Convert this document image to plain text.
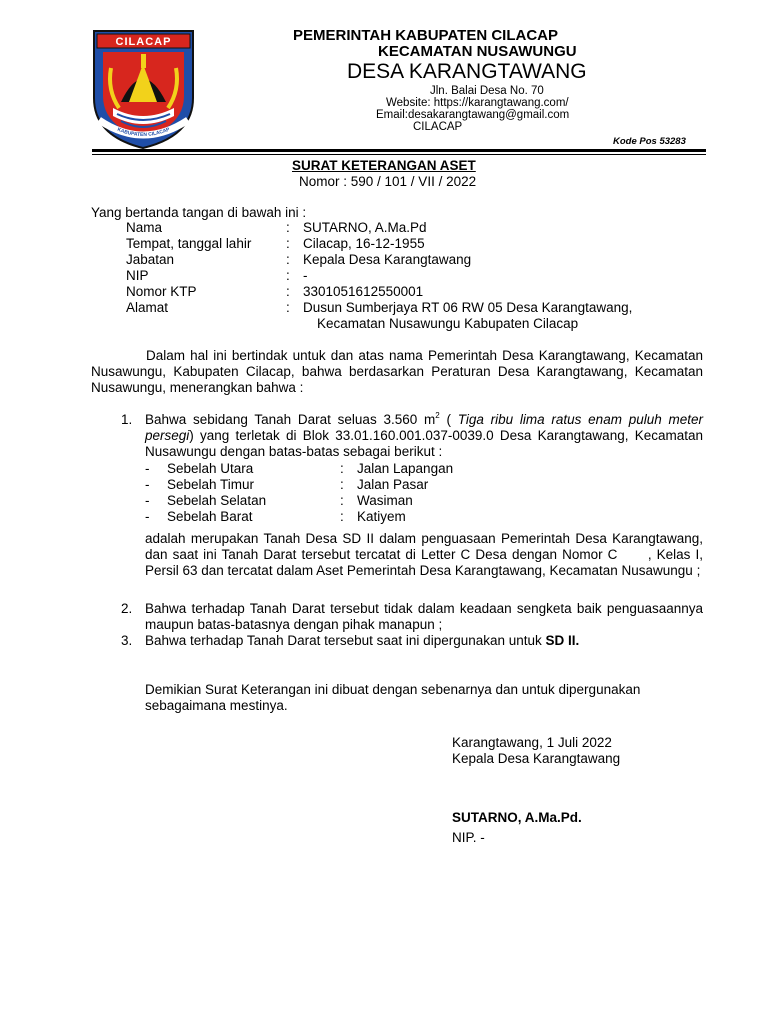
CILACAP
KABUPATEN CILACAP
PEMERINTAH KABUPATEN CILACAP
KECAMATAN NUSAWUNGU
DESA KARANGTAWANG
Jln. Balai Desa No. 70
Website: https://karangtawang.com/
Email:desakarangtawang@gmail.com
CILACAP
Kode Pos 53283
SURAT KETERANGAN ASET
Nomor : 590 / 101 / VII / 2022
Yang bertanda tangan di bawah ini :
Nama	: SUTARNO, A.Ma.Pd
Tempat, tanggal lahir	: Cilacap, 16-12-1955
Jabatan	: Kepala Desa Karangtawang
NIP	: -
Nomor KTP	: 3301051612550001
Alamat	: Dusun Sumberjaya RT 06 RW 05 Desa Karangtawang,
Kecamatan Nusawungu Kabupaten Cilacap
Dalam hal ini bertindak untuk dan atas nama Pemerintah Desa Karangtawang, Kecamatan Nusawungu, Kabupaten Cilacap, bahwa berdasarkan Peraturan Desa Karangtawang, Kecamatan Nusawungu, menerangkan bahwa :
1. Bahwa sebidang Tanah Darat seluas 3.560 $m^2$ ( Tiga ribu lima ratus enam puluh meter persegi) yang terletak di Blok 33.01.160.001.037-0039.0 Desa Karangtawang, Kecamatan Nusawungu dengan batas-batas sebagai berikut :
- Sebelah Utara	: Jalan Lapangan
- Sebelah Timur	: Jalan Pasar
- Sebelah Selatan	: Wasiman
- Sebelah Barat	: Katiyem
adalah merupakan Tanah Desa SD II dalam penguasaan Pemerintah Desa Karangtawang, dan saat ini Tanah Darat tersebut tercatat di Letter C Desa dengan Nomor C      , Kelas I, Persil 63 dan tercatat dalam Aset Pemerintah Desa Karangtawang, Kecamatan Nusawungu ;
2. Bahwa terhadap Tanah Darat tersebut tidak dalam keadaan sengketa baik penguasaannya maupun batas-batasnya dengan pihak manapun ;
3. Bahwa terhadap Tanah Darat tersebut saat ini dipergunakan untuk SD II.
Demikian Surat Keterangan ini dibuat dengan sebenarnya dan untuk dipergunakan sebagaimana mestinya.
Karangtawang, 1 Juli 2022
Kepala Desa Karangtawang
SUTARNO, A.Ma.Pd.
NIP. -
